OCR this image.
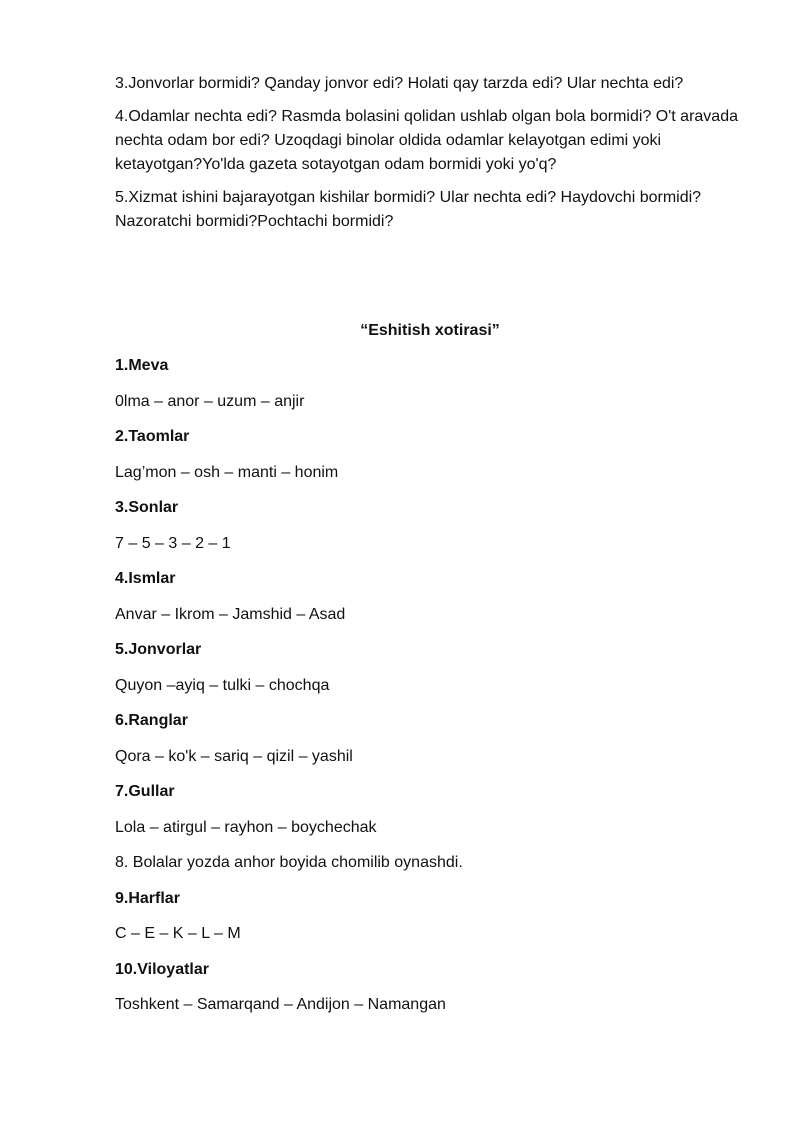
3.Jonvorlar bormidi? Qanday jonvor edi? Holati qay tarzda edi? Ular nechta edi?

4.Odamlar nechta edi? Rasmda bolasini qolidan ushlab olgan bola bormidi? O't aravada nechta odam bor edi? Uzoqdagi binolar oldida odamlar kelayotgan edimi yoki ketayotgan?Yo'lda gazeta sotayotgan odam bormidi yoki yo'q?

5.Xizmat ishini bajarayotgan kishilar bormidi? Ular nechta edi? Haydovchi bormidi? Nazoratchi bormidi?Pochtachi bormidi?

“Eshitish xotirasi”
1.Meva
0lma – anor – uzum – anjir
2.Taomlar
Lag’mon – osh – manti – honim
3.Sonlar
7 – 5 – 3 – 2 – 1
4.Ismlar
Anvar – Ikrom – Jamshid – Asad
5.Jonvorlar
Quyon –ayiq – tulki – chochqa
6.Ranglar
Qora – ko'k – sariq – qizil – yashil
7.Gullar
Lola – atirgul – rayhon – boychechak
8. Bolalar yozda anhor boyida chomilib oynashdi.
9.Harflar
C – E – K – L – M
10.Viloyatlar
Toshkent – Samarqand – Andijon – Namangan
